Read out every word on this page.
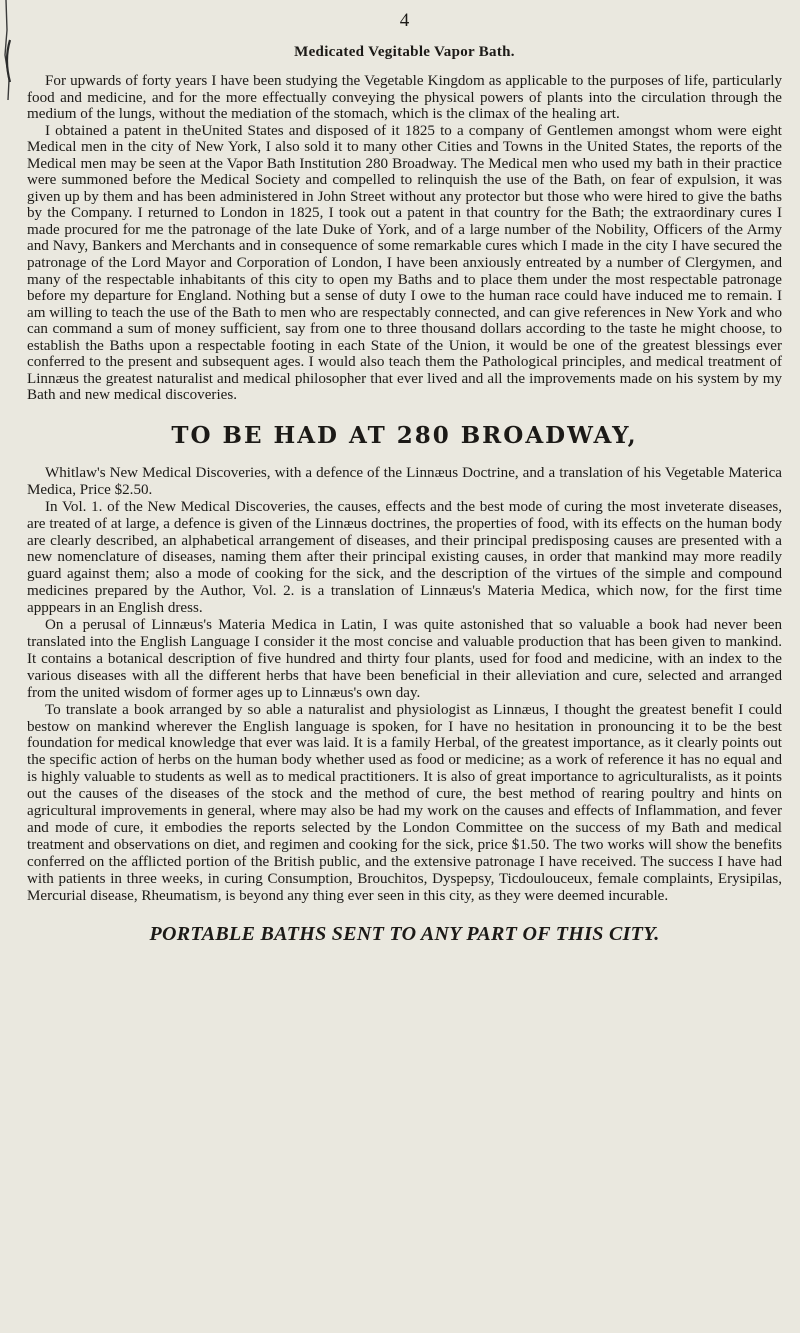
4
Medicated Vegitable Vapor Bath.

For upwards of forty years I have been studying the Vegetable Kingdom as applicable to the purposes of life, particularly food and medicine, and for the more effectually conveying the physical powers of plants into the circulation through the medium of the lungs, without the mediation of the stomach, which is the climax of the healing art.

I obtained a patent in theUnited States and disposed of it 1825 to a company of Gentlemen amongst whom were eight Medical men in the city of New York, I also sold it to many other Cities and Towns in the United States, the reports of the Medical men may be seen at the Vapor Bath Institution 280 Broadway. The Medical men who used my bath in their practice were summoned before the Medical Society and compelled to relinquish the use of the Bath, on fear of expulsion, it was given up by them and has been administered in John Street without any protector but those who were hired to give the baths by the Company. I returned to London in 1825, I took out a patent in that country for the Bath; the extraordinary cures I made procured for me the patronage of the late Duke of York, and of a large number of the Nobility, Officers of the Army and Navy, Bankers and Merchants and in consequence of some remarkable cures which I made in the city I have secured the patronage of the Lord Mayor and Corporation of London, I have been anxiously entreated by a number of Clergymen, and many of the respectable inhabitants of this city to open my Baths and to place them under the most respectable patronage before my departure for England. Nothing but a sense of duty I owe to the human race could have induced me to remain. I am willing to teach the use of the Bath to men who are respectably connected, and can give references in New York and who can command a sum of money sufficient, say from one to three thousand dollars according to the taste he might choose, to establish the Baths upon a respectable footing in each State of the Union, it would be one of the greatest blessings ever conferred to the present and subsequent ages. I would also teach them the Pathological principles, and medical treatment of Linnæus the greatest naturalist and medical philosopher that ever lived and all the improvements made on his system by my Bath and new medical discoveries.

TO BE HAD AT 280 BROADWAY,

Whitlaw's New Medical Discoveries, with a defence of the Linnæus Doctrine, and a translation of his Vegetable Materica Medica, Price $2.50.

In Vol. 1. of the New Medical Discoveries, the causes, effects and the best mode of curing the most inveterate diseases, are treated of at large, a defence is given of the Linnæus doctrines, the properties of food, with its effects on the human body are clearly described, an alphabetical arrangement of diseases, and their principal predisposing causes are presented with a new nomenclature of diseases, naming them after their principal existing causes, in order that mankind may more readily guard against them; also a mode of cooking for the sick, and the description of the virtues of the simple and compound medicines prepared by the Author, Vol. 2. is a translation of Linnæus's Materia Medica, which now, for the first time apppears in an English dress.

On a perusal of Linnæus's Materia Medica in Latin, I was quite astonished that so valuable a book had never been translated into the English Language I consider it the most concise and valuable production that has been given to mankind. It contains a botanical description of five hundred and thirty four plants, used for food and medicine, with an index to the various diseases with all the different herbs that have been beneficial in their alleviation and cure, selected and arranged from the united wisdom of former ages up to Linnæus's own day.

To translate a book arranged by so able a naturalist and physiologist as Linnæus, I thought the greatest benefit I could bestow on mankind wherever the English language is spoken, for I have no hesitation in pronouncing it to be the best foundation for medical knowledge that ever was laid. It is a family Herbal, of the greatest importance, as it clearly points out the specific action of herbs on the human body whether used as food or medicine; as a work of reference it has no equal and is highly valuable to students as well as to medical practitioners. It is also of great importance to agriculturalists, as it points out the causes of the diseases of the stock and the method of cure, the best method of rearing poultry and hints on agricultural improvements in general, where may also be had my work on the causes and effects of Inflammation, and fever and mode of cure, it embodies the reports selected by the London Committee on the success of my Bath and medical treatment and observations on diet, and regimen and cooking for the sick, price $1.50. The two works will show the benefits conferred on the afflicted portion of the British public, and the extensive patronage I have received. The success I have had with patients in three weeks, in curing Consumption, Brouchitos, Dyspepsy, Ticdoulouceux, female complaints, Erysipilas, Mercurial disease, Rheumatism, is beyond any thing ever seen in this city, as they were deemed incurable.

PORTABLE BATHS SENT TO ANY PART OF THIS CITY.
